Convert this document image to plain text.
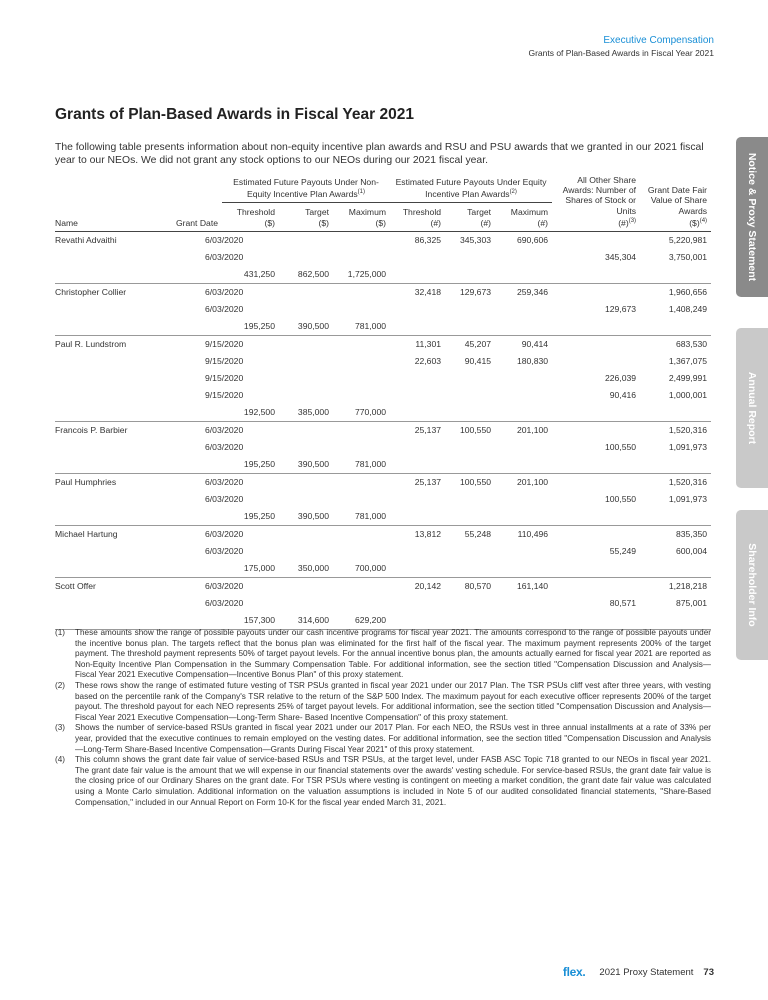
Executive Compensation
Grants of Plan-Based Awards in Fiscal Year 2021
Grants of Plan-Based Awards in Fiscal Year 2021

The following table presents information about non-equity incentive plan awards and RSU and PSU awards that we granted in our 2021 fiscal year to our NEOs. We did not grant any stock options to our NEOs during our 2021 fiscal year.

		Estimated Future Payouts Under Non-Equity Incentive Plan Awards$^{(1)}$			Estimated Future Payouts Under Equity Incentive Plan Awards$^{(2)}$			All Other Share Awards: Number of Shares of Stock or Units
(#)$^{(3)}$	Grant Date Fair Value of Share Awards
($)$^{(4)}$
Name	Grant Date	Threshold
($)	Target
($)	Maximum
($)	Threshold
(#)	Target
(#)	Maximum
(#)		
Revathi Advaithi	6/03/2020				86,325	345,303	690,606		5,220,981
	6/03/2020							345,304	3,750,001
		431,250	862,500	1,725,000					
Christopher Collier	6/03/2020				32,418	129,673	259,346		1,960,656
	6/03/2020							129,673	1,408,249
		195,250	390,500	781,000					
Paul R. Lundstrom	9/15/2020				11,301	45,207	90,414		683,530
	9/15/2020				22,603	90,415	180,830		1,367,075
	9/15/2020							226,039	2,499,991
	9/15/2020							90,416	1,000,001
		192,500	385,000	770,000					
Francois P. Barbier	6/03/2020				25,137	100,550	201,100		1,520,316
	6/03/2020							100,550	1,091,973
		195,250	390,500	781,000					
Paul Humphries	6/03/2020				25,137	100,550	201,100		1,520,316
	6/03/2020							100,550	1,091,973
		195,250	390,500	781,000					
Michael Hartung	6/03/2020				13,812	55,248	110,496		835,350
	6/03/2020							55,249	600,004
		175,000	350,000	700,000					
Scott Offer	6/03/2020				20,142	80,570	161,140		1,218,218
	6/03/2020							80,571	875,001
		157,300	314,600	629,200					
(1)	These amounts show the range of possible payouts under our cash incentive programs for fiscal year 2021. The amounts correspond to the range of possible payouts under the incentive bonus plan. The targets reflect that the bonus plan was eliminated for the first half of the fiscal year. The maximum payment represents 200% of the target payment. The threshold payment represents 50% of target payout levels. For the annual incentive bonus plan, the amounts actually earned for fiscal year 2021 are reported as Non-Equity Incentive Plan Compensation in the Summary Compensation Table. For additional information, see the section titled "Compensation Discussion and Analysis—Fiscal Year 2021 Executive Compensation—Incentive Bonus Plan" of this proxy statement.
(2)	These rows show the range of estimated future vesting of TSR PSUs granted in fiscal year 2021 under our 2017 Plan. The TSR PSUs cliff vest after three years, with vesting based on the percentile rank of the Company's TSR relative to the return of the S&P 500 Index. The maximum payout for each executive officer represents 200% of the target payout. The threshold payout for each NEO represents 25% of target payout levels. For additional information, see the section titled "Compensation Discussion and Analysis—Fiscal Year 2021 Executive Compensation—Long-Term Share- Based Incentive Compensation" of this proxy statement.
(3)	Shows the number of service-based RSUs granted in fiscal year 2021 under our 2017 Plan. For each NEO, the RSUs vest in three annual installments at a rate of 33% per year, provided that the executive continues to remain employed on the vesting dates. For additional information, see the section titled "Compensation Discussion and Analysis—Long-Term Share-Based Incentive Compensation—Grants During Fiscal Year 2021" of this proxy statement.
(4)	This column shows the grant date fair value of service-based RSUs and TSR PSUs, at the target level, under FASB ASC Topic 718 granted to our NEOs in fiscal year 2021. The grant date fair value is the amount that we will expense in our financial statements over the awards' vesting schedule. For service-based RSUs, the grant date fair value is the closing price of our Ordinary Shares on the grant date. For TSR PSUs where vesting is contingent on meeting a market condition, the grant date fair value was calculated using a Monte Carlo simulation. Additional information on the valuation assumptions is included in Note 5 of our audited consolidated financial statements, "Share-Based Compensation," included in our Annual Report on Form 10-K for the fiscal year ended March 31, 2021.
Notice & Proxy Statement
Annual Report
Shareholder Info
flex. 2021 Proxy Statement 73
